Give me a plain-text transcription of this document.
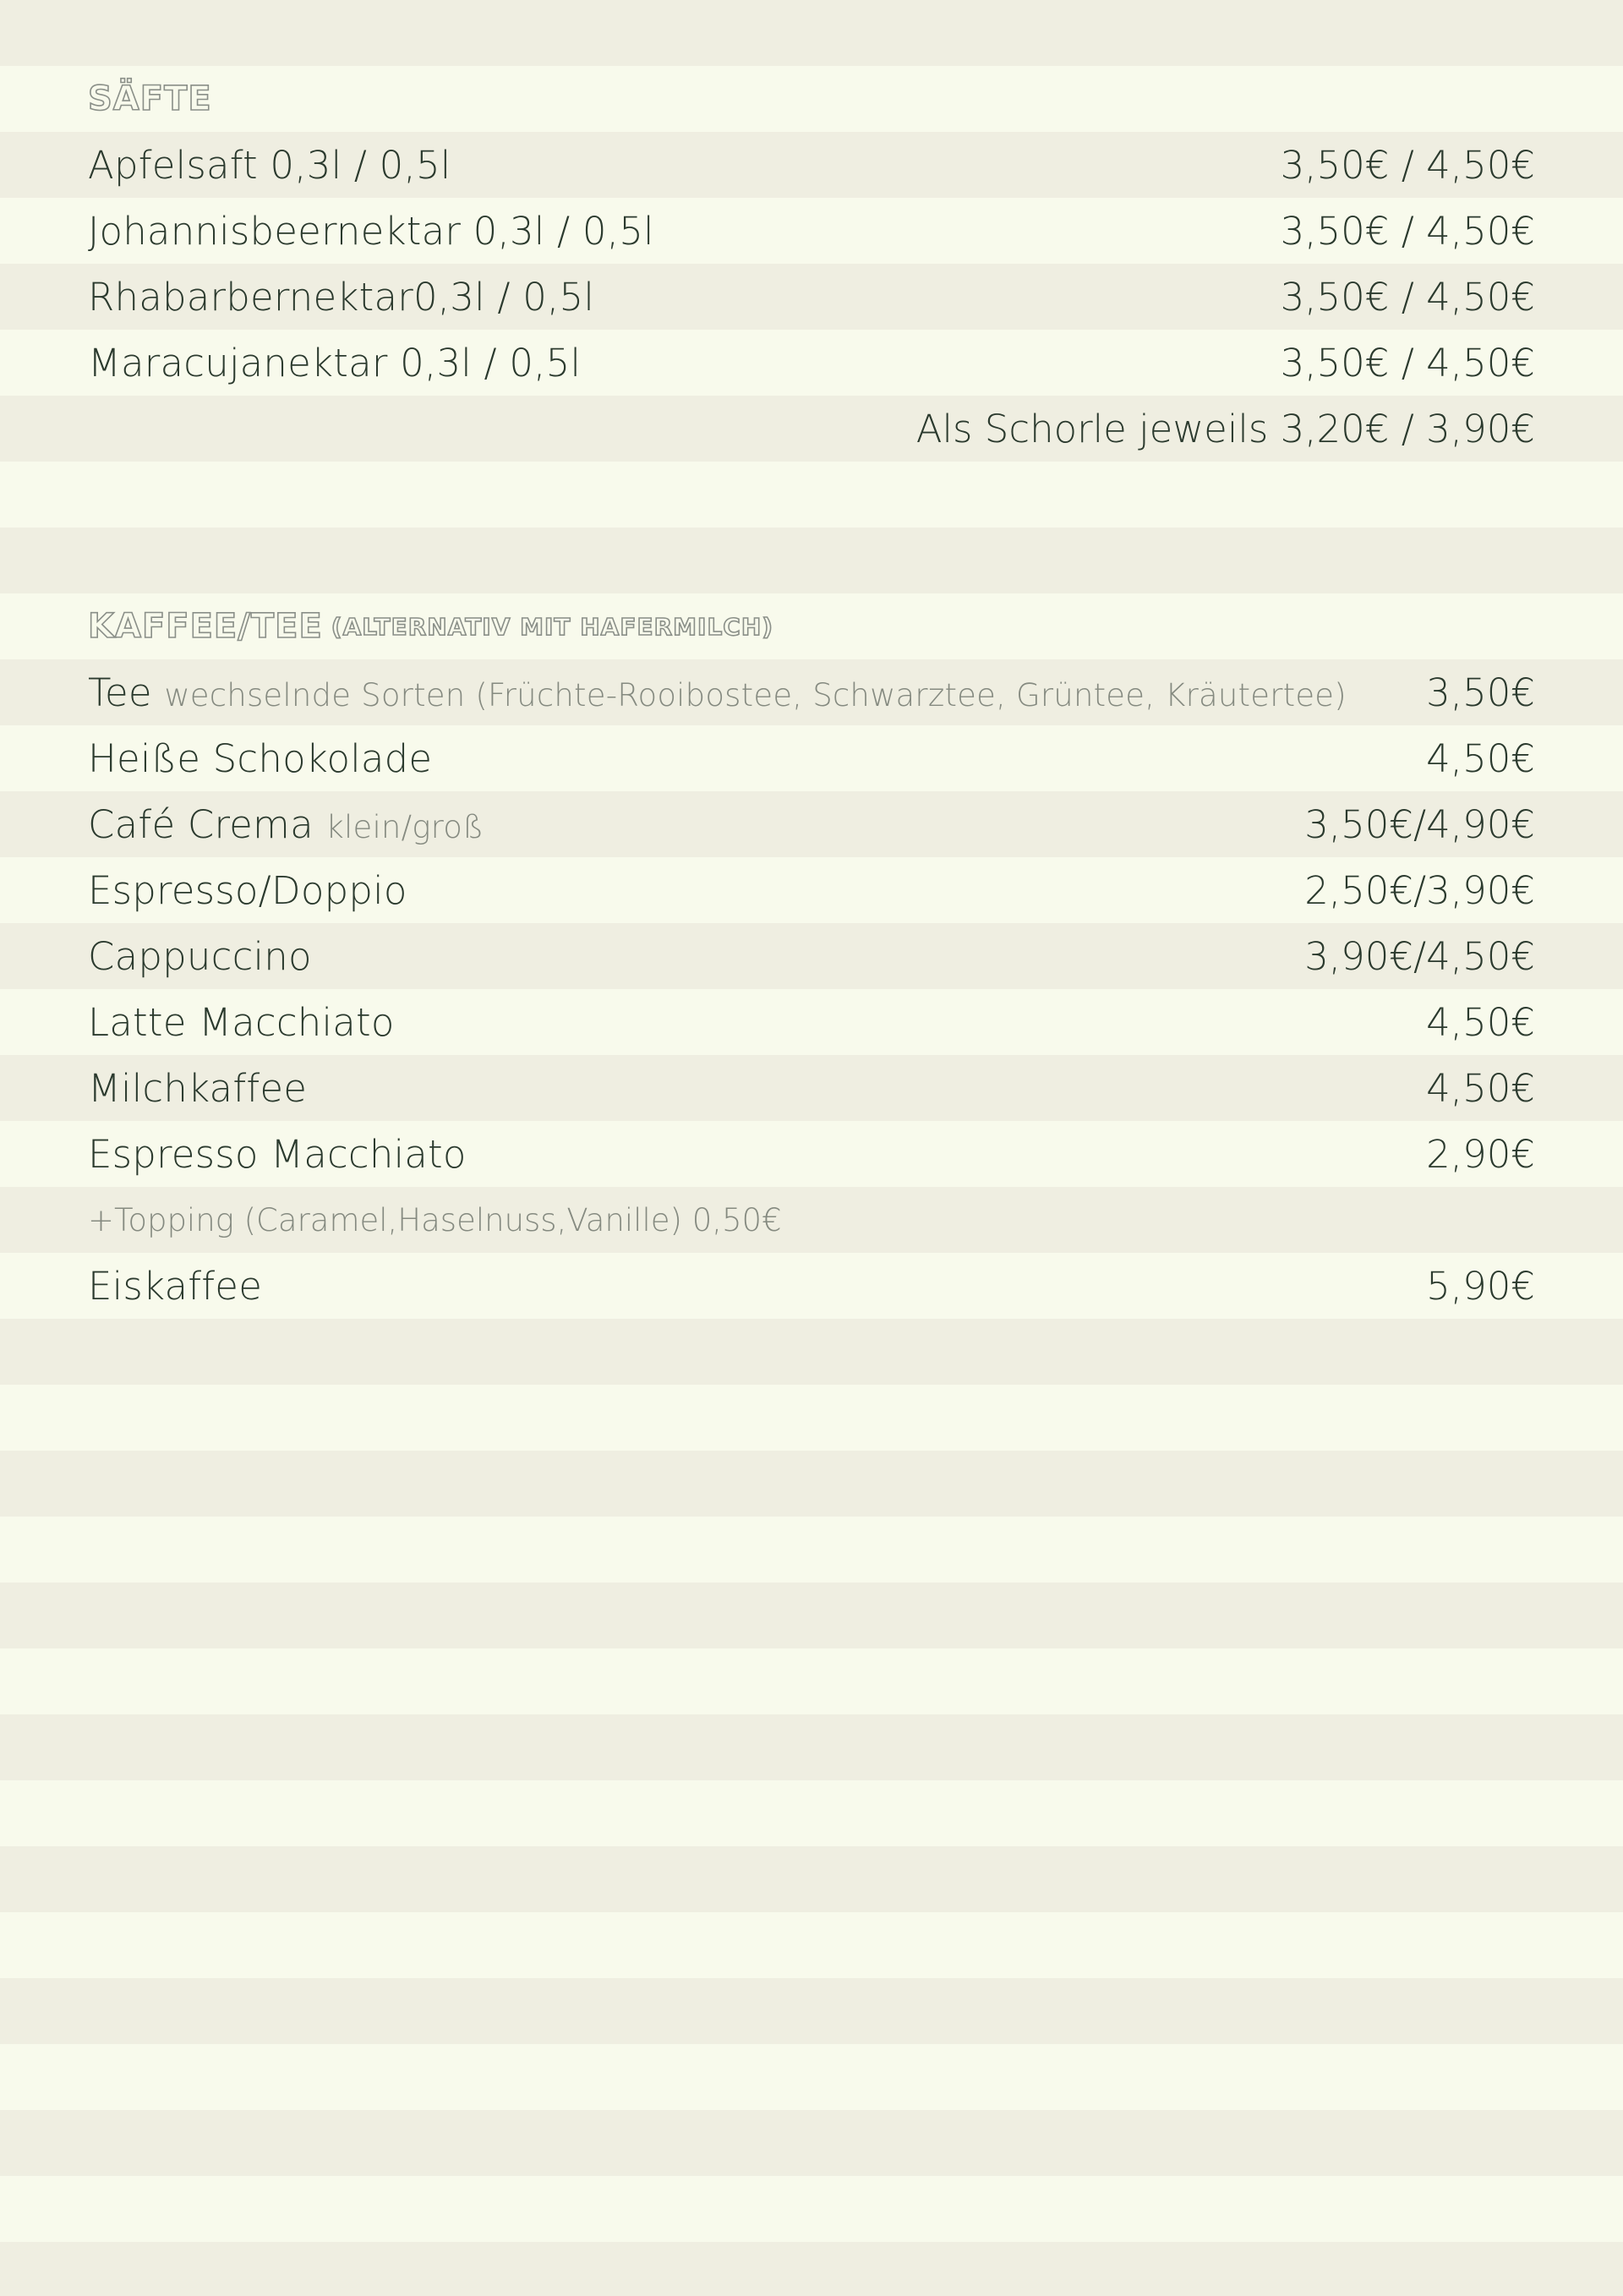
SÄFTE
Apfelsaft 0,3l / 0,5l	3,50€ / 4,50€
Johannisbeernektar 0,3l / 0,5l	3,50€ / 4,50€
Rhabarbernektar0,3l / 0,5l	3,50€ / 4,50€
Maracujanektar 0,3l / 0,5l	3,50€ / 4,50€
Als Schorle jeweils 3,20€ / 3,90€
KAFFEE/TEE (ALTERNATIV MIT HAFERMILCH)
Tee wechselnde Sorten (Früchte-Rooibostee, Schwarztee, Grüntee, Kräutertee) 3,50€
Heiße Schokolade	4,50€
Café Crema klein/groß	3,50€/4,90€
Espresso/Doppio	2,50€/3,90€
Cappuccino	3,90€/4,50€
Latte Macchiato	4,50€
Milchkaffee	4,50€
Espresso Macchiato	2,90€
+Topping (Caramel,Haselnuss,Vanille) 0,50€
Eiskaffee	5,90€
